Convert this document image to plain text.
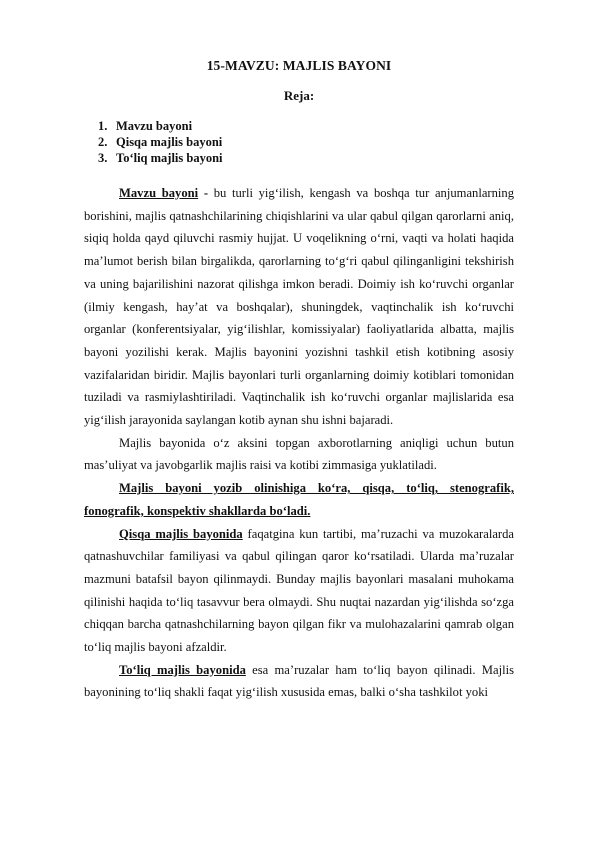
15-MAVZU: MAJLIS BAYONI
Reja:
1. Mavzu bayoni
2. Qisqa majlis bayoni
3. To‘liq majlis bayoni

Mavzu bayoni - bu turli yig‘ilish, kengash va boshqa tur anjumanlarning borishini, majlis qatnashchilarining chiqishlarini va ular qabul qilgan qarorlarni aniq, siqiq holda qayd qiluvchi rasmiy hujjat. U voqelikning o‘rni, vaqti va holati haqida ma’lumot berish bilan birgalikda, qarorlarning to‘g‘ri qabul qilinganligini tekshirish va uning bajarilishini nazorat qilishga imkon beradi. Doimiy ish ko‘ruvchi organlar (ilmiy kengash, hay’at va boshqalar), shuningdek, vaqtinchalik ish ko‘ruvchi organlar (konferentsiyalar, yig‘ilishlar, komissiyalar) faoliyatlarida albatta, majlis bayoni yozilishi kerak. Majlis bayonini yozishni tashkil etish kotibning asosiy vazifalaridan biridir. Majlis bayonlari turli organlarning doimiy kotiblari tomonidan tuziladi va rasmiylashtiriladi. Vaqtinchalik ish ko‘ruvchi organlar majlislarida esa yig‘ilish jarayonida saylangan kotib aynan shu ishni bajaradi.

Majlis bayonida o‘z aksini topgan axborotlarning aniqligi uchun butun mas’uliyat va javobgarlik majlis raisi va kotibi zimmasiga yuklatiladi.

Majlis bayoni yozib olinishiga ko‘ra, qisqa, to‘liq, stenografik, fonografik, konspektiv shakllarda bo‘ladi.

Qisqa majlis bayonida faqatgina kun tartibi, ma’ruzachi va muzokaralarda qatnashuvchilar familiyasi va qabul qilingan qaror ko‘rsatiladi. Ularda ma’ruzalar mazmuni batafsil bayon qilinmaydi. Bunday majlis bayonlari masalani muhokama qilinishi haqida to‘liq tasavvur bera olmaydi. Shu nuqtai nazardan yig‘ilishda so‘zga chiqqan barcha qatnashchilarning bayon qilgan fikr va mulohazalarini qamrab olgan to‘liq majlis bayoni afzaldir.

To‘liq majlis bayonida esa ma’ruzalar ham to‘liq bayon qilinadi. Majlis bayonining to‘liq shakli faqat yig‘ilish xususida emas, balki o‘sha tashkilot yoki
